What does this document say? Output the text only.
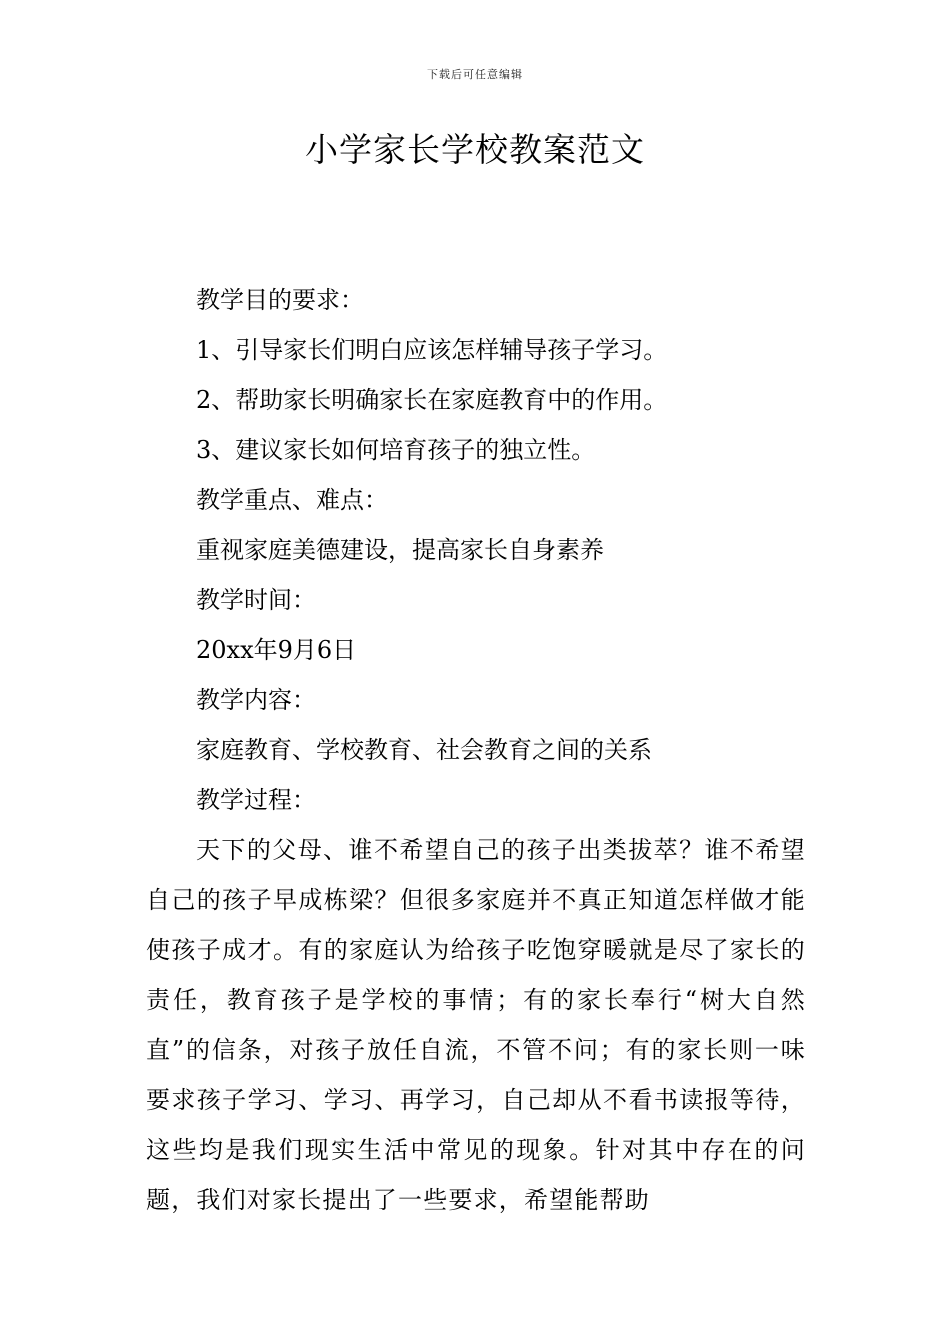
下载后可任意编辑
小学家长学校教案范文

教学目的要求：

1、引导家长们明白应该怎样辅导孩子学习。

2、帮助家长明确家长在家庭教育中的作用。

3、建议家长如何培育孩子的独立性。

教学重点、难点：

重视家庭美德建设，提高家长自身素养

教学时间：

20xx年9月6日

教学内容：

家庭教育、学校教育、社会教育之间的关系

教学过程：

天下的父母、谁不希望自己的孩子出类拔萃？谁不希望自己的孩子早成栋梁？但很多家庭并不真正知道怎样做才能使孩子成才。有的家庭认为给孩子吃饱穿暖就是尽了家长的责任，教育孩子是学校的事情；有的家长奉行“树大自然直”的信条，对孩子放任自流，不管不问；有的家长则一味要求孩子学习、学习、再学习，自己却从不看书读报等待，这些均是我们现实生活中常见的现象。针对其中存在的问题，我们对家长提出了一些要求，希望能帮助
